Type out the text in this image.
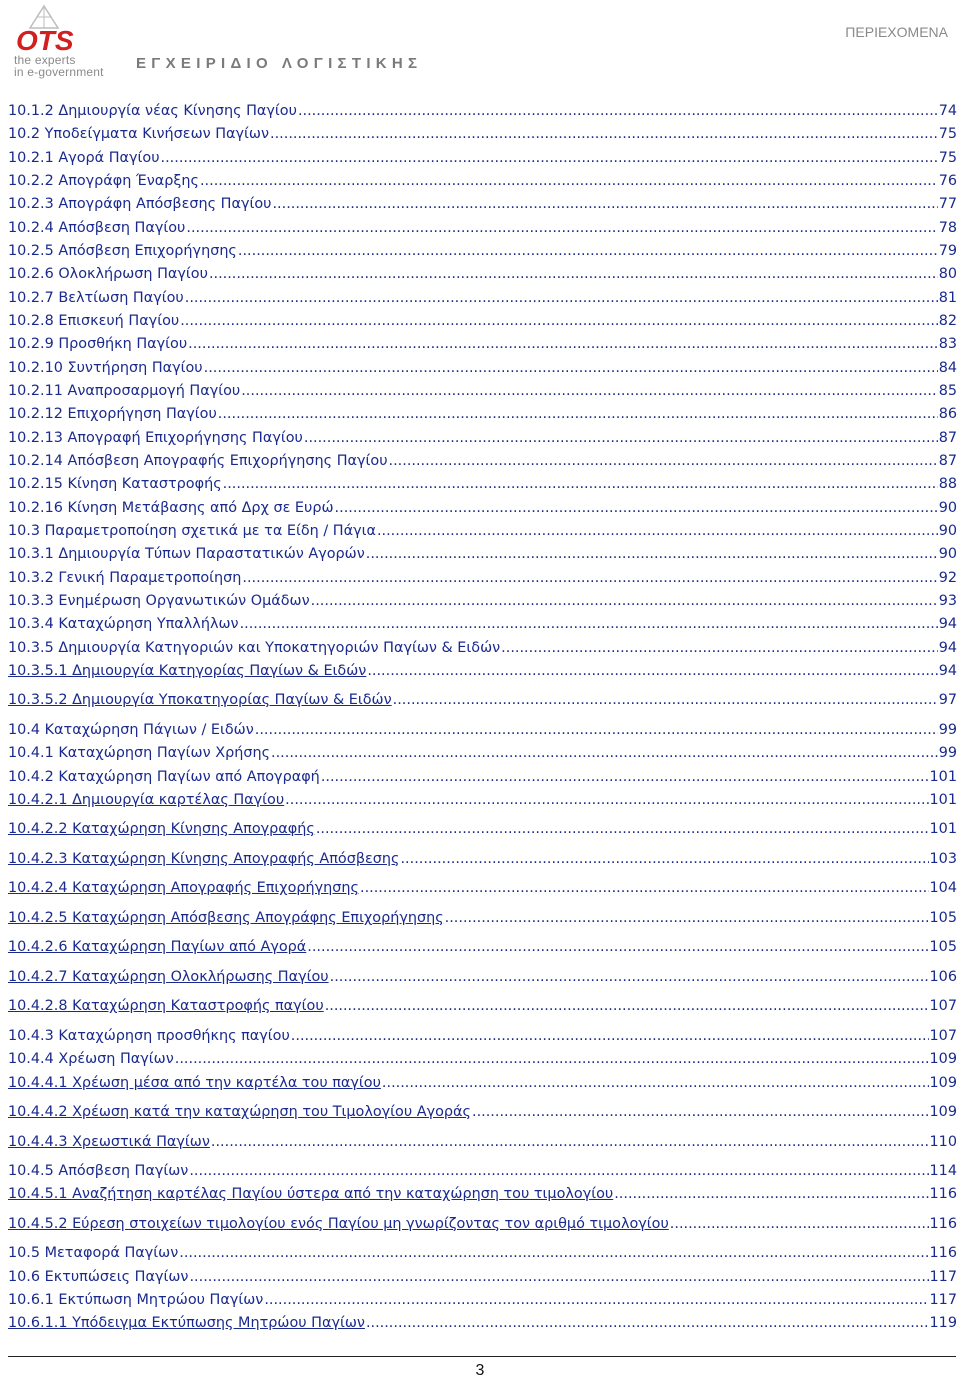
OTS
the experts
in e-government	ΕΓΧΕΙΡΙΔΙΟ ΛΟΓΙΣΤΙΚΗΣ
ΠΕΡΙΕΧΟΜΕΝΑ
10.1.2 Δημιουργία νέας Κίνησης Παγίου .....	74
10.2 Υποδείγματα Κινήσεων Παγίων .....	75
10.2.1 Αγορά Παγίου .....	75
10.2.2 Απογράφη Έναρξης .....	76
10.2.3 Απογράφη Απόσβεσης Παγίου .....	77
10.2.4 Απόσβεση Παγίου .....	78
10.2.5 Απόσβεση Επιχορήγησης .....	79
10.2.6 Ολοκλήρωση Παγίου .....	80
10.2.7 Βελτίωση Παγίου .....	81
10.2.8 Επισκευή Παγίου .....	82
10.2.9 Προσθήκη Παγίου .....	83
10.2.10 Συντήρηση Παγίου .....	84
10.2.11 Αναπροσαρμογή Παγίου .....	85
10.2.12 Επιχορήγηση Παγίου .....	86
10.2.13 Απογραφή Επιχορήγησης Παγίου .....	87
10.2.14 Απόσβεση Απογραφής Επιχορήγησης Παγίου .....	87
10.2.15 Κίνηση Καταστροφής .....	88
10.2.16 Κίνηση Μετάβασης από Δρχ σε Ευρώ .....	90
10.3 Παραμετροποίηση σχετικά με τα Είδη / Πάγια .....	90
10.3.1 Δημιουργία Τύπων Παραστατικών Αγορών .....	90
10.3.2 Γενική Παραμετροποίηση .....	92
10.3.3 Ενημέρωση Οργανωτικών Ομάδων .....	93
10.3.4 Καταχώρηση Υπαλλήλων .....	94
10.3.5 Δημιουργία Κατηγοριών και Υποκατηγοριών Παγίων & Ειδών .....	94
10.3.5.1 Δημιουργία Κατηγορίας Παγίων & Ειδών .....	94
10.3.5.2 Δημιουργία Υποκατηγορίας Παγίων & Ειδών .....	97
10.4 Καταχώρηση Πάγιων / Ειδών .....	99
10.4.1 Καταχώρηση Παγίων Χρήσης .....	99
10.4.2 Καταχώρηση Παγίων από Απογραφή .....	101
10.4.2.1 Δημιουργία καρτέλας Παγίου .....	101
10.4.2.2 Καταχώρηση Κίνησης Απογραφής .....	101
10.4.2.3 Καταχώρηση Κίνησης Απογραφής Απόσβεσης .....	103
10.4.2.4 Καταχώρηση Απογραφής Επιχορήγησης .....	104
10.4.2.5 Καταχώρηση Απόσβεσης Απογράφης Επιχορήγησης .....	105
10.4.2.6 Καταχώρηση Παγίων από Αγορά .....	105
10.4.2.7 Καταχώρηση Ολοκλήρωσης Παγίου .....	106
10.4.2.8 Καταχώρηση Καταστροφής παγίου .....	107
10.4.3 Καταχώρηση προσθήκης παγίου .....	107
10.4.4 Χρέωση Παγίων .....	109
10.4.4.1 Χρέωση μέσα από την καρτέλα του παγίου .....	109
10.4.4.2 Χρέωση κατά την καταχώρηση του Τιμολογίου Αγοράς .....	109
10.4.4.3 Χρεωστικά Παγίων .....	110
10.4.5 Απόσβεση Παγίων .....	114
10.4.5.1 Αναζήτηση καρτέλας Παγίου ύστερα από την καταχώρηση του τιμολογίου .....	116
10.4.5.2 Εύρεση στοιχείων τιμολογίου ενός Παγίου μη γνωρίζοντας τον αριθμό τιμολογίου .....	116
10.5 Μεταφορά Παγίων .....	116
10.6 Εκτυπώσεις Παγίων .....	117
10.6.1 Εκτύπωση Μητρώου Παγίων .....	117
10.6.1.1 Υπόδειγμα Εκτύπωσης Μητρώου Παγίων .....	119
3
